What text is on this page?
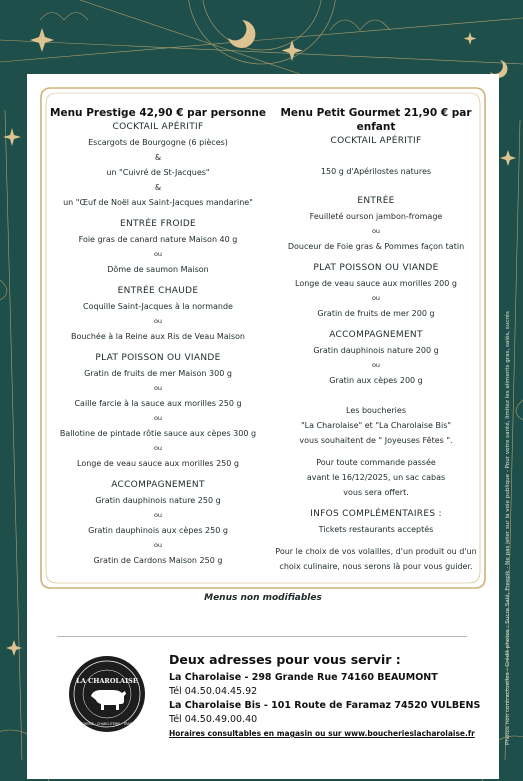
Menu Prestige 42,90 € par personne
COCKTAIL APÉRITIF
Escargots de Bourgogne (6 pièces)
&
un "Cuivré de St-Jacques"
&
un "Œuf de Noël aux Saint-Jacques mandarine"
ENTRÉE FROIDE
Foie gras de canard nature Maison 40 g
ou
Dôme de saumon Maison
ENTRÉE CHAUDE
Coquille Saint-Jacques à la normande
ou
Bouchée à la Reine aux Ris de Veau Maison
PLAT POISSON OU VIANDE
Gratin de fruits de mer Maison 300 g
ou
Caille farcie à la sauce aux morilles 250 g
ou
Ballotine de pintade rôtie sauce aux cèpes 300 g
ou
Longe de veau sauce aux morilles 250 g
ACCOMPAGNEMENT
Gratin dauphinois nature 250 g
ou
Gratin dauphinois aux cèpes 250 g
ou
Gratin de Cardons Maison 250 g
Menu Petit Gourmet 21,90 € par enfant
COCKTAIL APÉRITIF
150 g d'Apérilostes natures
ENTRÉE
Feuilleté ourson jambon-fromage
ou
Douceur de Foie gras & Pommes façon tatin
PLAT POISSON OU VIANDE
Longe de veau sauce aux morilles 200 g
ou
Gratin de fruits de mer 200 g
ACCOMPAGNEMENT
Gratin dauphinois nature 200 g
ou
Gratin aux cèpes 200 g
Les boucheries
"La Charolaise" et "La Charolaise Bis"
vous souhaitent de " Joyeuses Fêtes ".
Pour toute commande passée
avant le 16/12/2025, un sac cabas
vous sera offert.
INFOS COMPLÉMENTAIRES :
Tickets restaurants acceptés
Pour le choix de vos volailles, d'un produit ou d'un
choix culinaire, nous serons là pour vous guider.
Menus non modifiables
LA CHAROLAISE
BOUCHERIE · CHARCUTERIE · TRAITEUR
Deux adresses pour vous servir :
La Charolaise - 298 Grande Rue 74160 BEAUMONT
Tél 04.50.04.45.92
La Charolaise Bis - 101 Route de Faramaz 74520 VULBENS
Tél 04.50.49.00.40
Horaires consultables en magasin ou sur www.boucherieslacharolaise.fr	Photos non contractuelles - Crédit photos : Sucre Salé, Freepik - Ne pas jeter sur la voie publique - Pour votre santé, limitez les aliments gras, salés, sucrés
